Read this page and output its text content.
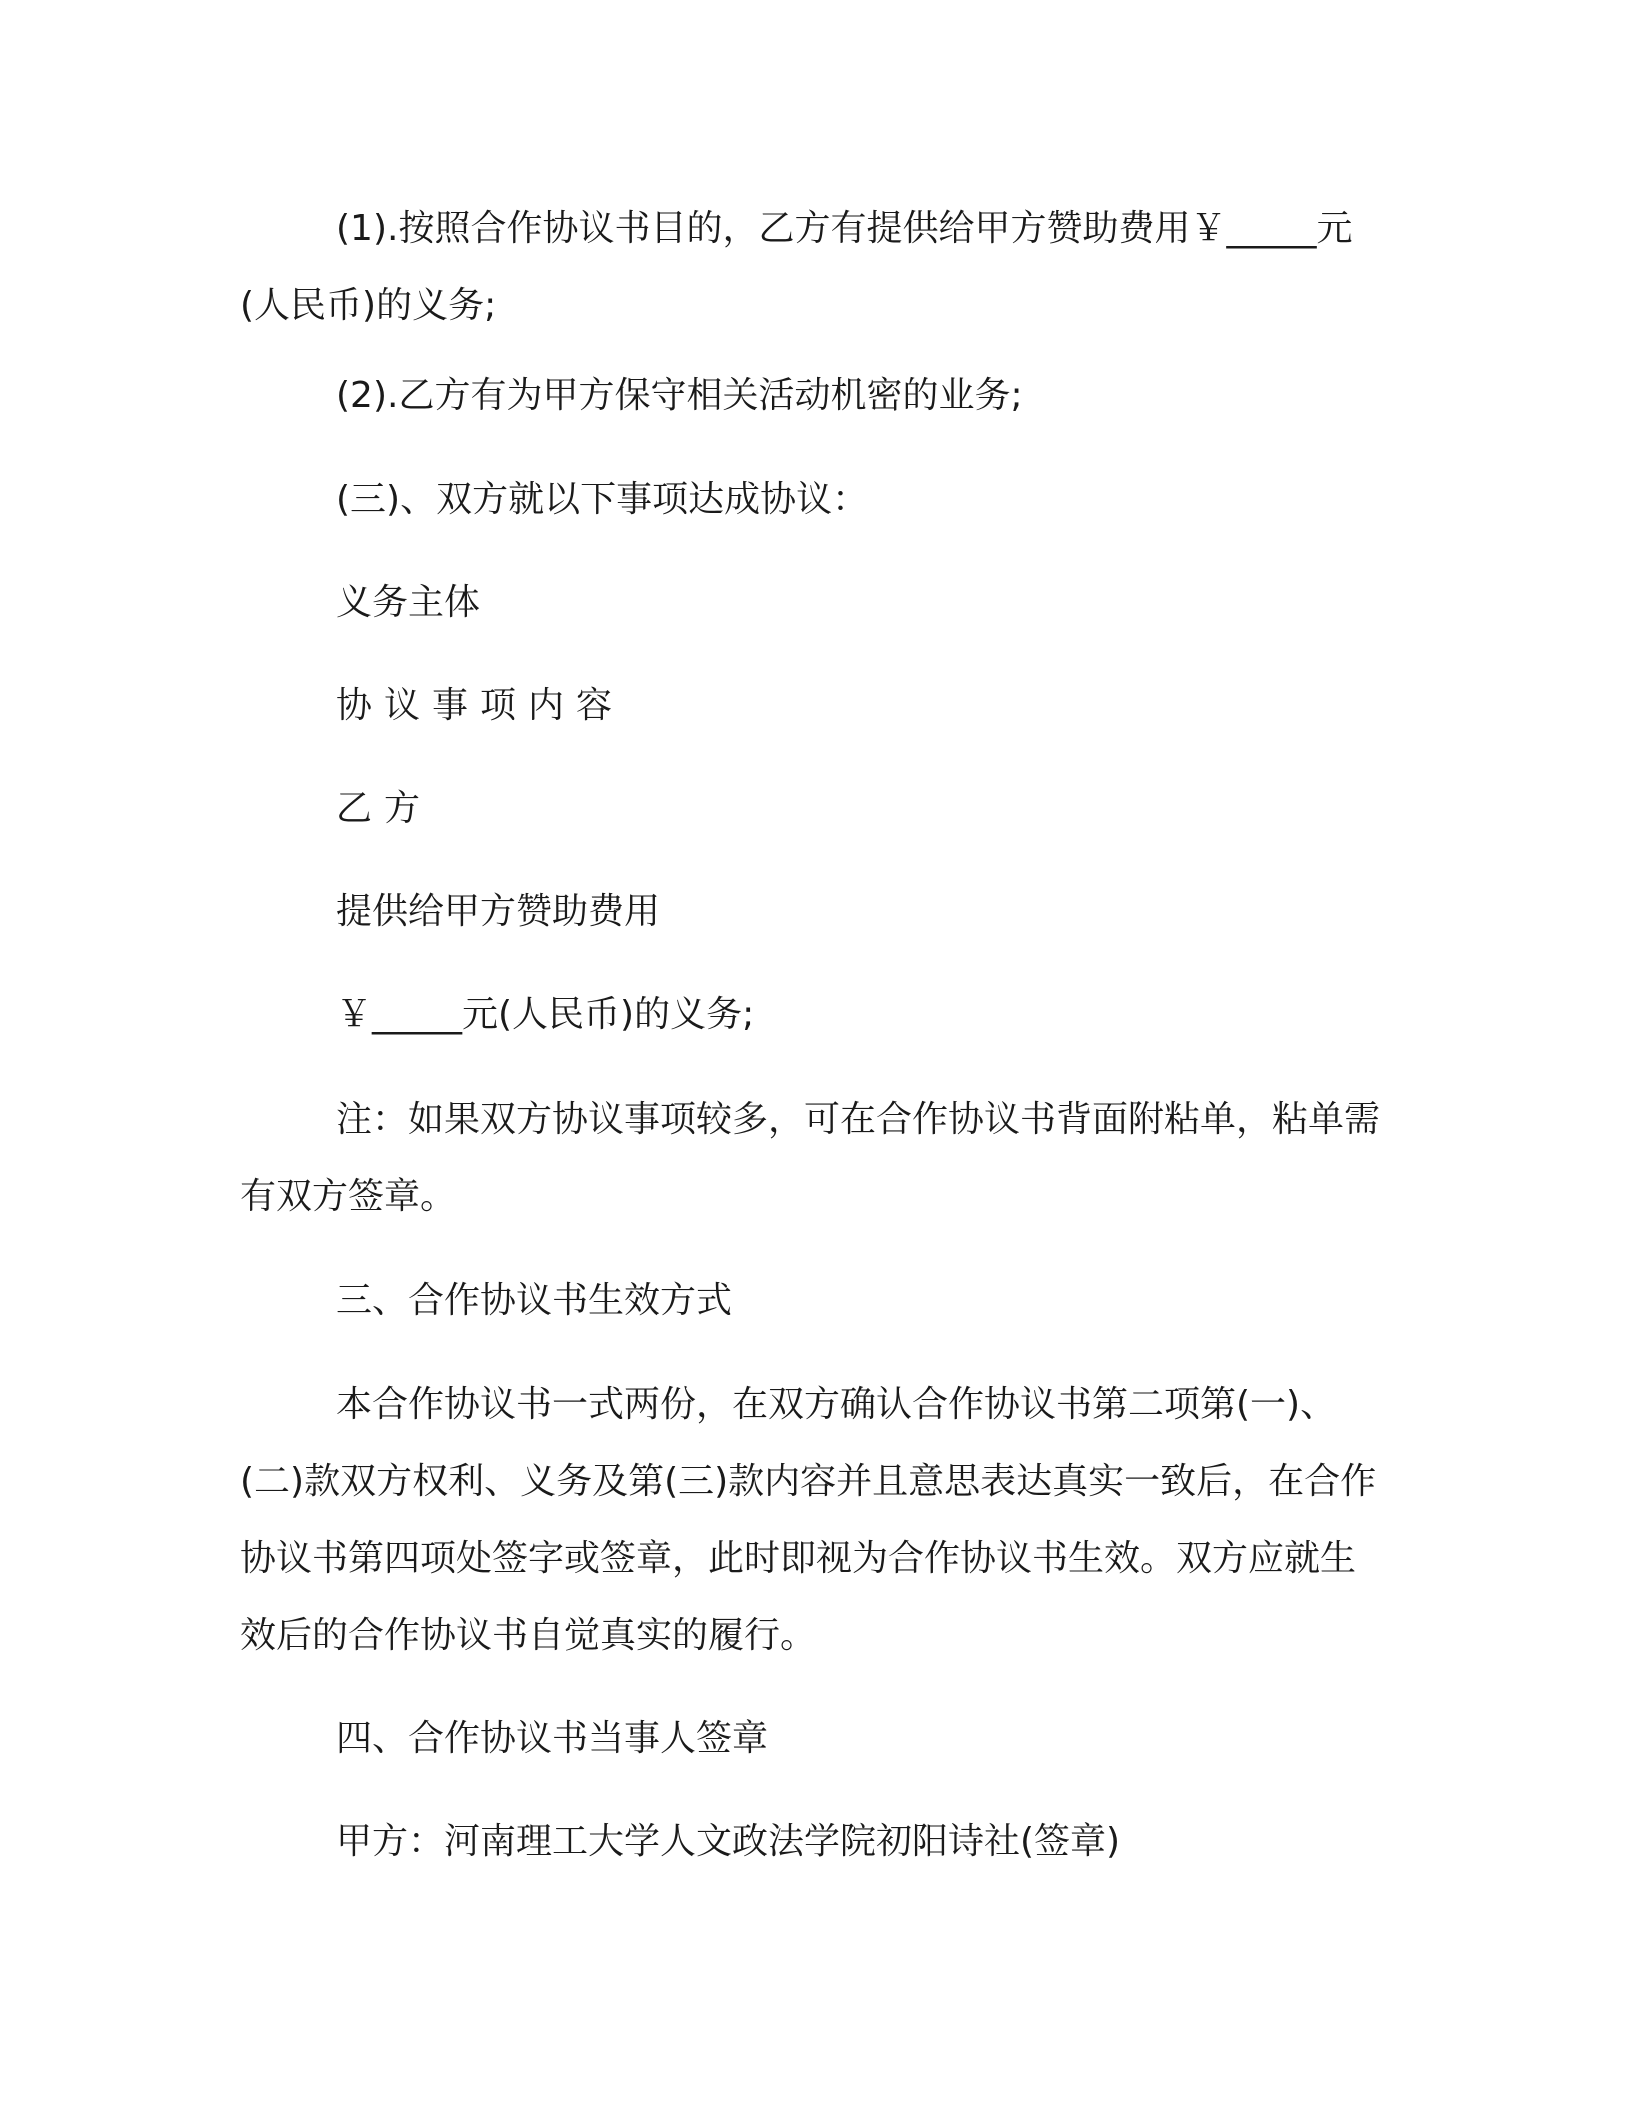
(1).按照合作协议书目的，乙方有提供给甲方赞助费用￥_____元(人民币)的义务;

(2).乙方有为甲方保守相关活动机密的业务;

(三)、双方就以下事项达成协议：

义务主体

协议事项内容

乙方

提供给甲方赞助费用

￥_____元(人民币)的义务;

注：如果双方协议事项较多，可在合作协议书背面附粘单，粘单需有双方签章。

三、合作协议书生效方式

本合作协议书一式两份，在双方确认合作协议书第二项第(一)、(二)款双方权利、义务及第(三)款内容并且意思表达真实一致后，在合作协议书第四项处签字或签章，此时即视为合作协议书生效。双方应就生效后的合作协议书自觉真实的履行。

四、合作协议书当事人签章

甲方：河南理工大学人文政法学院初阳诗社(签章)
